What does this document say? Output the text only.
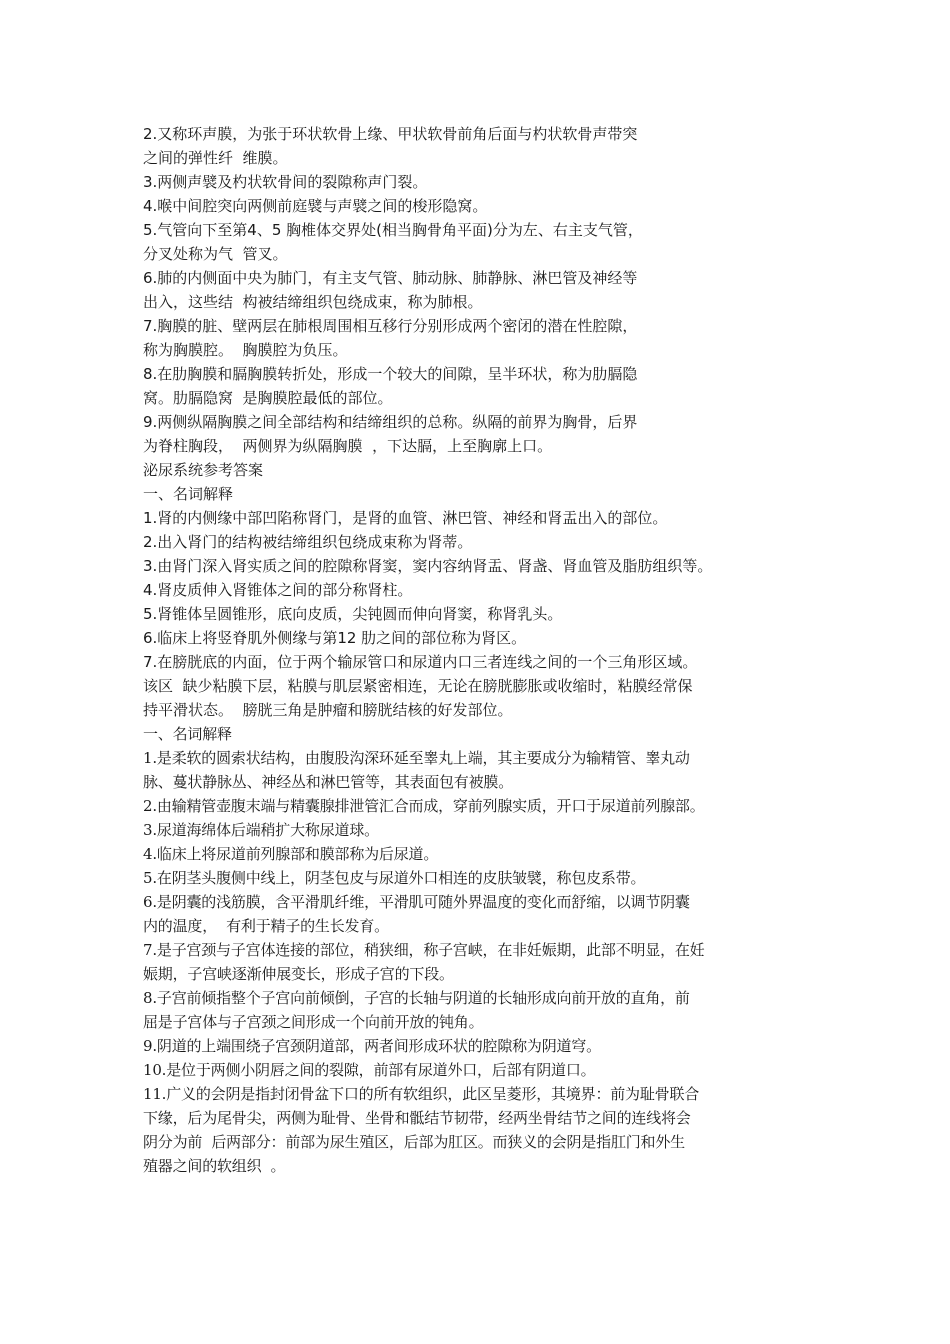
2.又称环声膜，为张于环状软骨上缘、甲状软骨前角后面与杓状软骨声带突
之间的弹性纤  维膜。

3.两侧声襞及杓状软骨间的裂隙称声门裂。

4.喉中间腔突向两侧前庭襞与声襞之间的梭形隐窝。

5.气管向下至第4、5 胸椎体交界处(相当胸骨角平面)分为左、右主支气管，
分叉处称为气  管叉。

6.肺的内侧面中央为肺门，有主支气管、肺动脉、肺静脉、淋巴管及神经等
出入，这些结  构被结缔组织包绕成束，称为肺根。

7.胸膜的脏、壁两层在肺根周围相互移行分别形成两个密闭的潜在性腔隙，
称为胸膜腔。  胸膜腔为负压。

8.在肋胸膜和膈胸膜转折处，形成一个较大的间隙，呈半环状，称为肋膈隐
窝。肋膈隐窝  是胸膜腔最低的部位。

9.两侧纵隔胸膜之间全部结构和结缔组织的总称。纵隔的前界为胸骨，后界
为脊柱胸段，  两侧界为纵隔胸膜  ，下达膈，上至胸廓上口。

泌尿系统参考答案

一、名词解释

1.肾的内侧缘中部凹陷称肾门，是肾的血管、淋巴管、神经和肾盂出入的部位。

2.出入肾门的结构被结缔组织包绕成束称为肾蒂。

3.由肾门深入肾实质之间的腔隙称肾窦，窦内容纳肾盂、肾盏、肾血管及脂肪组织等。

4.肾皮质伸入肾锥体之间的部分称肾柱。

5.肾锥体呈圆锥形，底向皮质，尖钝圆而伸向肾窦，称肾乳头。

6.临床上将竖脊肌外侧缘与第12 肋之间的部位称为肾区。

7.在膀胱底的内面，位于两个输尿管口和尿道内口三者连线之间的一个三角形区域。
该区  缺少粘膜下层，粘膜与肌层紧密相连，无论在膀胱膨胀或收缩时，粘膜经常保
持平滑状态。  膀胱三角是肿瘤和膀胱结核的好发部位。

一、名词解释

1.是柔软的圆索状结构，由腹股沟深环延至睾丸上端，其主要成分为输精管、睾丸动
脉、蔓状静脉丛、神经丛和淋巴管等，其表面包有被膜。

2.由输精管壶腹末端与精囊腺排泄管汇合而成，穿前列腺实质，开口于尿道前列腺部。

3.尿道海绵体后端稍扩大称尿道球。

4.临床上将尿道前列腺部和膜部称为后尿道。

5.在阴茎头腹侧中线上，阴茎包皮与尿道外口相连的皮肤皱襞，称包皮系带。

6.是阴囊的浅筋膜，含平滑肌纤维，平滑肌可随外界温度的变化而舒缩，以调节阴囊
内的温度，  有利于精子的生长发育。

7.是子宫颈与子宫体连接的部位，稍狭细，称子宫峡，在非妊娠期，此部不明显，在妊
娠期，子宫峡逐渐伸展变长，形成子宫的下段。

8.子宫前倾指整个子宫向前倾倒，子宫的长轴与阴道的长轴形成向前开放的直角，前
屈是子宫体与子宫颈之间形成一个向前开放的钝角。

9.阴道的上端围绕子宫颈阴道部，两者间形成环状的腔隙称为阴道穹。

10.是位于两侧小阴唇之间的裂隙，前部有尿道外口，后部有阴道口。

11.广义的会阴是指封闭骨盆下口的所有软组织，此区呈菱形，其境界：前为耻骨联合
下缘，后为尾骨尖，两侧为耻骨、坐骨和骶结节韧带，经两坐骨结节之间的连线将会
阴分为前  后两部分：前部为尿生殖区，后部为肛区。而狭义的会阴是指肛门和外生
殖器之间的软组织  。
